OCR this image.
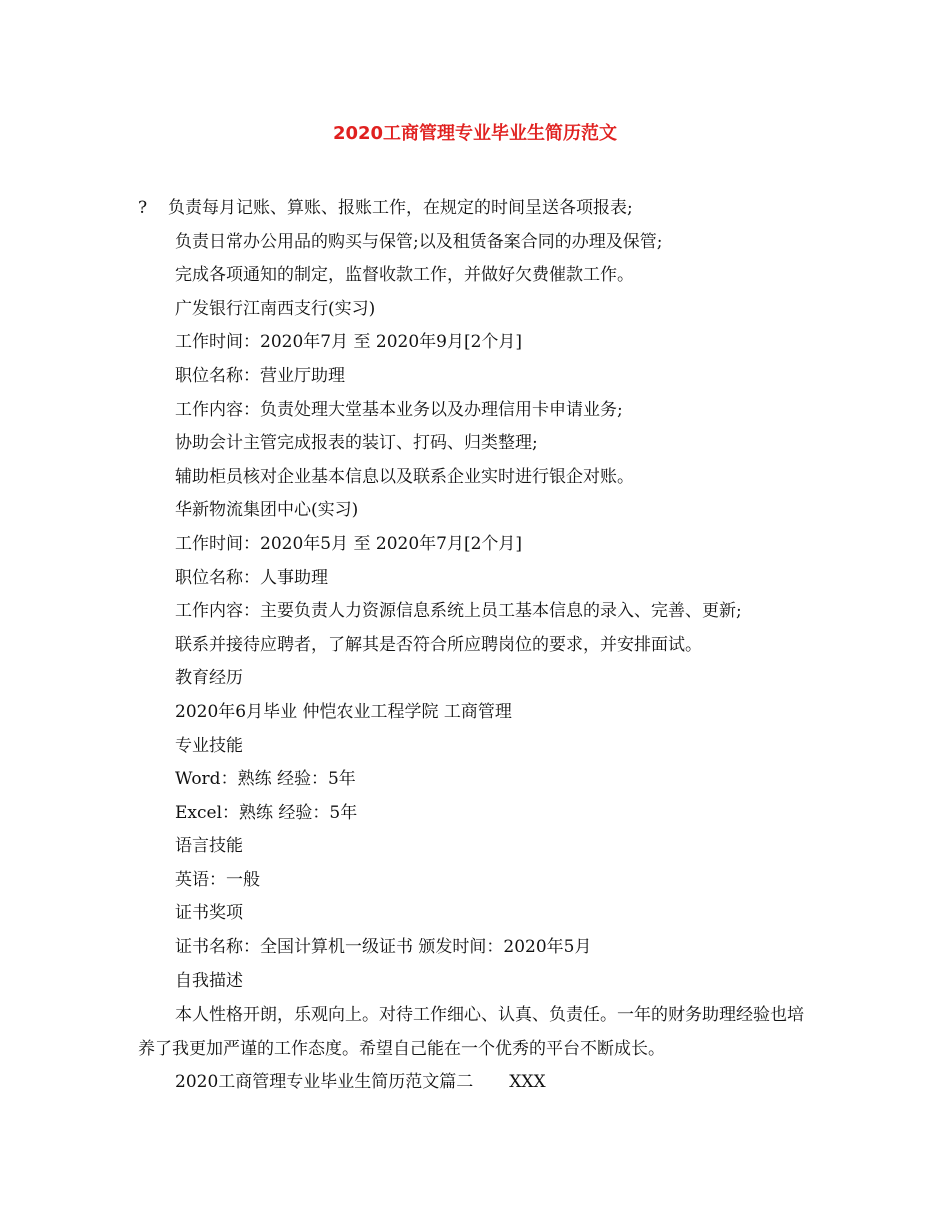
2020工商管理专业毕业生简历范文
? 负责每月记账、算账、报账工作，在规定的时间呈送各项报表;
负责日常办公用品的购买与保管;以及租赁备案合同的办理及保管;
完成各项通知的制定，监督收款工作，并做好欠费催款工作。
广发银行江南西支行(实习)
工作时间：2020年7月 至 2020年9月[2个月]
职位名称：营业厅助理
工作内容：负责处理大堂基本业务以及办理信用卡申请业务;
协助会计主管完成报表的装订、打码、归类整理;
辅助柜员核对企业基本信息以及联系企业实时进行银企对账。
华新物流集团中心(实习)
工作时间：2020年5月 至 2020年7月[2个月]
职位名称：人事助理
工作内容：主要负责人力资源信息系统上员工基本信息的录入、完善、更新;
联系并接待应聘者，了解其是否符合所应聘岗位的要求，并安排面试。
教育经历
2020年6月毕业 仲恺农业工程学院 工商管理
专业技能
Word：熟练 经验：5年
Excel：熟练 经验：5年
语言技能
英语：一般
证书奖项
证书名称：全国计算机一级证书 颁发时间：2020年5月
自我描述

本人性格开朗，乐观向上。对待工作细心、认真、负责任。一年的财务助理经验也培养了我更加严谨的工作态度。希望自己能在一个优秀的平台不断成长。

2020工商管理专业毕业生简历范文篇二 XXX
